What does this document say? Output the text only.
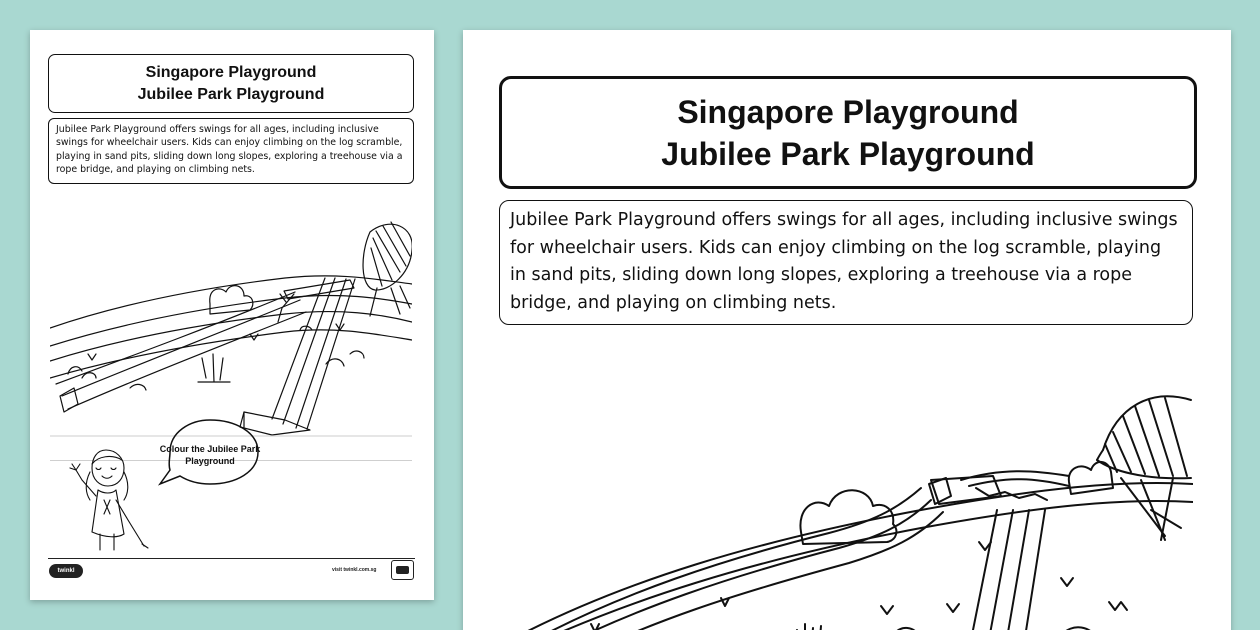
Singapore Playground
Jubilee Park Playground
Jubilee Park Playground offers swings for all ages, including inclusive swings for wheelchair users. Kids can enjoy climbing on the log scramble, playing in sand pits, sliding down long slopes, exploring a treehouse via a rope bridge, and playing on climbing nets.
Colour the Jubilee Park Playground
twinkl	visit twinkl.com.sg
Singapore Playground
Jubilee Park Playground
Jubilee Park Playground offers swings for all ages, including inclusive swings for wheelchair users. Kids can enjoy climbing on the log scramble, playing in sand pits, sliding down long slopes, exploring a treehouse via a rope bridge, and playing on climbing nets.
